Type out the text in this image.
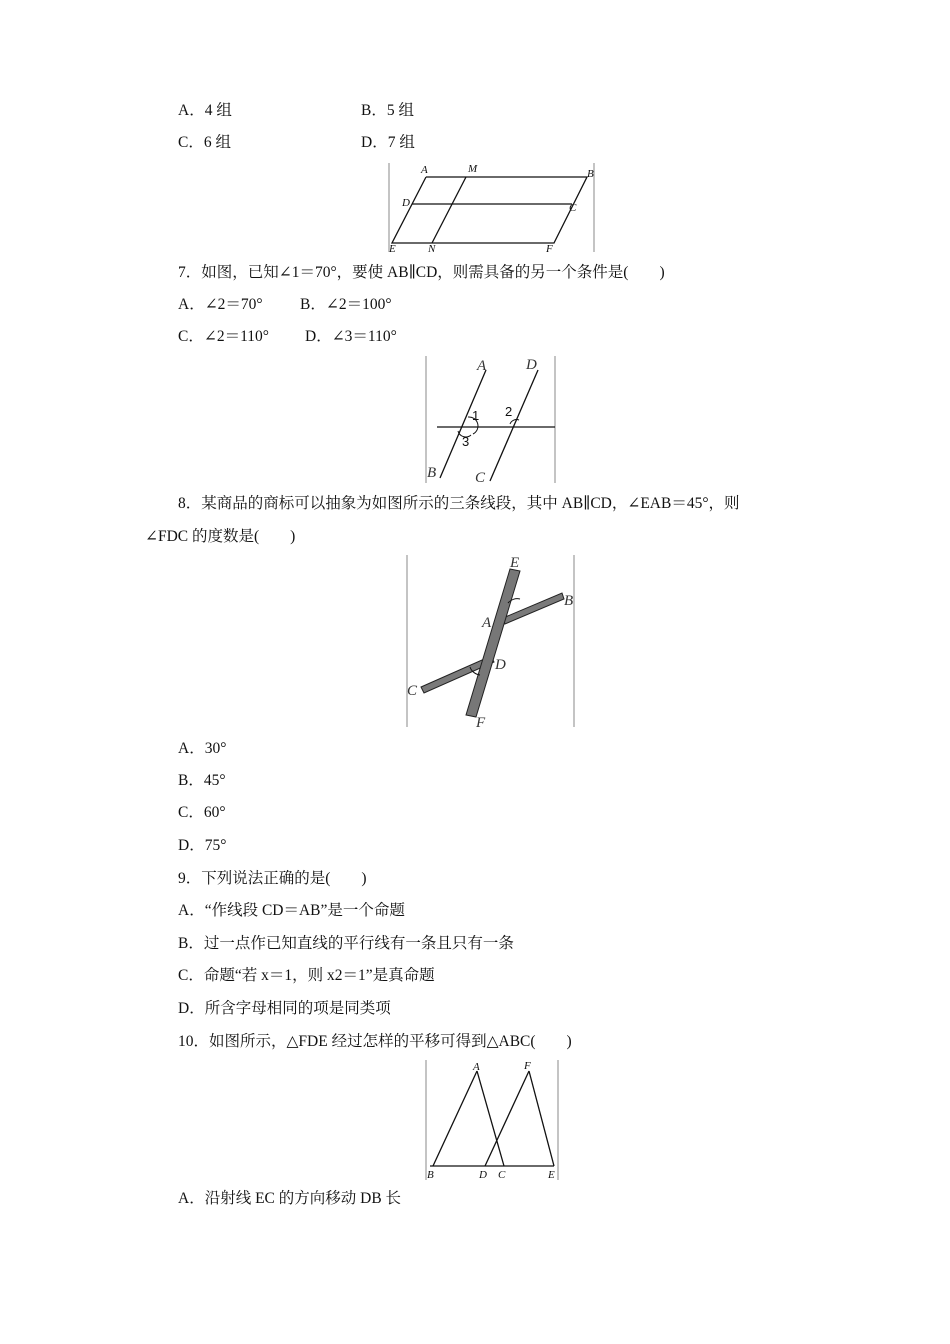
A．4 组	B．5 组
C．6 组	D．7 组
A	M	B
D	C
E	N	F
7．如图，已知∠1＝70°，要使 AB∥CD，则需具备的另一个条件是(　　)
A．∠2＝70° B．∠2＝100°
C．∠2＝110° D．∠3＝110°
A	D
1 2
3
B	C
8．某商品的商标可以抽象为如图所示的三条线段，其中 AB∥CD，∠EAB＝45°，则
∠FDC 的度数是(　　)
E
B
A
D
C
F
A．30°
B．45°
C．60°
D．75°
9．下列说法正确的是(　　)
A．“作线段 CD＝AB”是一个命题
B．过一点作已知直线的平行线有一条且只有一条
C．命题“若 x＝1，则 x2＝1”是真命题
D．所含字母相同的项是同类项
10．如图所示，△FDE 经过怎样的平移可得到△ABC(　　)
A	F
B	D C	E
A．沿射线 EC 的方向移动 DB 长
